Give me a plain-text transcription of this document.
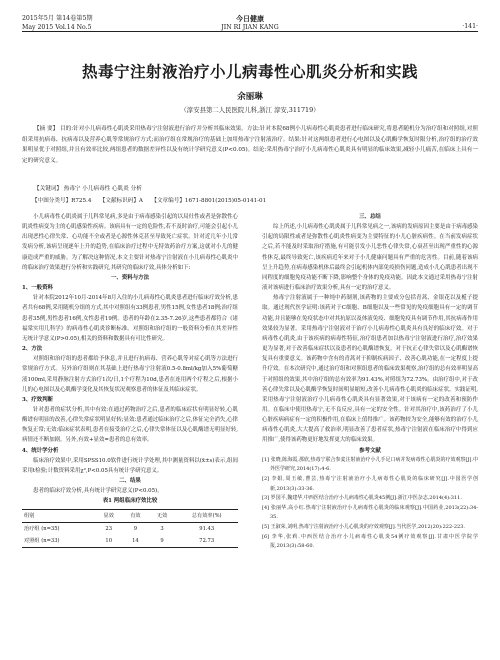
2015年5月 第14卷第5期
May 2015 Vol.14 No.5
今日健康
JIN RI JIAN KANG	·141·
热毒宁注射液治疗小儿病毒性心肌炎分析和实践
余丽琳
（淳安县第二人民医院儿科,浙江 淳安,311719）
【摘 要】 目的:针对小儿病毒性心肌炎采用热毒宁注射液进行治疗并分析其临床效果。方法:针对本院68例小儿病毒性心肌炎患者进行临床研究,将患者随机分为治疗组和对照组,对照组采用抗病毒、抗病毒以及营养心肌等常规治疗方式;而治疗组在常规治疗的基础上加用热毒宁注射液治疗。结果:针对这两组患者进行心电图以及心肌酶学恢复时限分析,治疗组的治疗效果明显优于对照组,并且有效率比较,两组患者的数据差异性以及有统计学研究意义(P<0.05)。结论:采用热毒宁治疗小儿病毒性心肌炎具有明显的临床效果,减轻小儿痛苦,在临床上具有一定的研究意义。
【关键词】 热毒宁 小儿病毒性 心肌炎 分析
【中图分类号】R725.4　　【文献标识码】A　　【文章编号】1671-8801(2015)05-0141-01

小儿病毒性心肌炎属于儿科常见病,多是由于病毒感染引起的以局灶性或者是弥散性心肌炎性病变为主的心肌感染性疾病。该病具有一定的危险性,若不及时治疗,可能会引起小儿出现恶性心律失常、心功能不全或者是心源性休克甚至导致死亡症状。针对近几年小儿常发病分析,该病呈现逐年上升的趋势,在临床治疗过程中无特效药治疗方案,这就对小儿的健康造成严重的威胁。为了解决这种情况,本文主要针对热毒宁注射液在小儿病毒性心肌炎中的临床治疗效果进行分析和实践研究,其研究的临床疗效,具体分析如下:

一、资料与方法

1、一般资料

针对本院2012年10月-2014年8月入住的小儿病毒性心肌炎患者进行临床疗效分析,患者共有68例,采用随机分组的方式,其中对照组有33例患者,男性15例,女性患者18例;治疗组患者35例,男性患者16例,女性患者19例。患者的年龄在2.35-7.26岁,这些患者都符合《诸福棠实用儿科学》的病毒性心肌炎诊断标准。对照组和治疗组的一般资料分析在其差异性无统计学意义(P>0.05),相关的资料和数据具有可比性研究。

2、方法

对照组和治疗组的患者都给予休息,并且进行抗病毒、营养心肌等对症心肌等方法进行常规治疗方式。另外治疗组则在其基础上进行热毒宁注射液0.5-0.8ml/kg加入5%葡萄糖液100ml,采用静脉注射方式治疗1次/日,1个疗程为10d,患者在连用两个疗程之后,根据小儿的心电图以及心肌酶学变化及其恢复状况观察患者的体征及其临床症状。

3、疗效判断

针对患者的症状分析,其中有效:在通过药物治疗之后,患者的临床症状有明显好转,心肌酶谱有明显的改善,心律失常症状明显好转;显效:患者通过临床治疗之后,体征完全消失,心律恢复正常;无效:临床症状表明,患者在接受治疗之后,心律失常体征以及心肌酶谱无明显好转,病情还不断加剧。另外,有效+显效=患者的总有效率。

4、统计学分析

临床治疗效果中,采用SPSS10.0软件进行统计学处理,其中测量资料以(x̄±s)表示,组间采用t检验;计数资料采用χ²,P<0.05具有统计学研究意义。

二、结果

患者的临床疗效分析,具有统计学研究意义(P<0.05)。

表1 两组临床疗效比较

组别	显效	有效	无效	总有效率(%)
治疗组 (n=35)	23	9	3	91.43
对照组 (n=33)	10	14	9	72.73

三、总结

综上所述,小儿病毒性心肌炎属于儿科常见病之一,该病的发病原因主要是由于病毒感染引起的局限性或者是弥散性心肌炎性病变为主要特征的小儿心脏疾病性。在当前发病症状之后,若不能及时采取治疗措施,有可能引发小儿恶性心律失常,心衰甚至出现严重性的心源性休克,最终导致死亡,该疾病近年来对于小儿健康问题具有严重的危害性。目前,随着该病呈上升趋势,在病毒感染机体后最终会引起机体内部免疫损伤问题,造成小儿心肌患者出现不同程度的细胞免疫功能不断下降,影响整个身体的免疫功能。因此本文通过采用热毒宁注射液对该病进行临床治疗效果分析,具有一定的治疗意义。

热毒宁注射液属于一种纯中药制剂,该药物的主要成分包括青蒿、金银花以及栀子提取。通过现代医学证明:该药对于C细胞、B细胞以及一些常见的免疫细胞具有一定的调节功能,并且能够在免疫状态中对其抗原以及体液免疫、细胞免疫具有调节作用,其抗病毒作用效果较为显著。采用热毒宁注射液对于治疗小儿病毒性心肌炎具有良好的临床疗效。对于病毒性心肌炎,由于该疾病的病毒性特征,治疗组患者加以热毒宁注射液进行治疗,治疗效果更为显著,对于改善临床症状以及患者的心肌酶谱恢复。对于抗正心律失常以及心肌酶谱恢复具有重要意义。该药物中含有的青蒿对于抑制疾病因子、改善心肌功能,在一定程度上提升疗效。在本次研究中,通过治疗组和对照组患者的临床效果观察,治疗组的总有效率明显高于对照组的效果,其中治疗组的总有效率为91.43%,对照组为72.73%。由治疗组中,对于改善心律失常以及心肌酶学恢复时间明显缩短,改善小儿病毒性心肌炎的临床症状。实践证明,采用热毒宁注射液治疗小儿病毒性心肌炎具有显著效果,对于该病有一定的改善和预防作用。在临床中使用热毒宁,无不良反应,具有一定的安全性。针对其治疗中,该药治疗了小儿心脏疾病病症有一定的积极作用,在临床上值得推广。该药物较为安全,能够有效的治疗小儿病毒性心肌炎,大大提高了救治率,明显改善了患者症状,热毒宁注射液在临床治疗中得到应用推广,使得该药物更好地发挥更大的临床效果。

参考文献

[1] 张晓,陈海霞,那欣,热毒宁联合参麦注射液治疗小儿手足口病并发病毒性心肌炎的疗效观察[J].中外医学研究,2014(17):4-6.

[2] 李娟,周玉敏,曹芸,热毒宁注射液治疗小儿病毒性心肌炎的临床研究[J].中国医学创新,2013(3):33-36.

[3] 罗国平,魏建华,中西医结合治疗小儿病毒性心肌炎45例[J].浙江中医杂志,2014(4):311.

[4] 张丽华,高小红.热毒宁注射液治疗小儿病毒性心肌炎的临床观察[J].中国药业,2013(22):34-35.

[5] 王淑荣,刘明,热毒宁注射液治疗小儿心肌炎的疗效观察[J].当代医学,2012(20):222-223.

[6] 李华,张莉.中西医结合治疗小儿病毒性心肌炎54例疗效观察[J].甘肃中医学院学报,2013(3):58-60.
